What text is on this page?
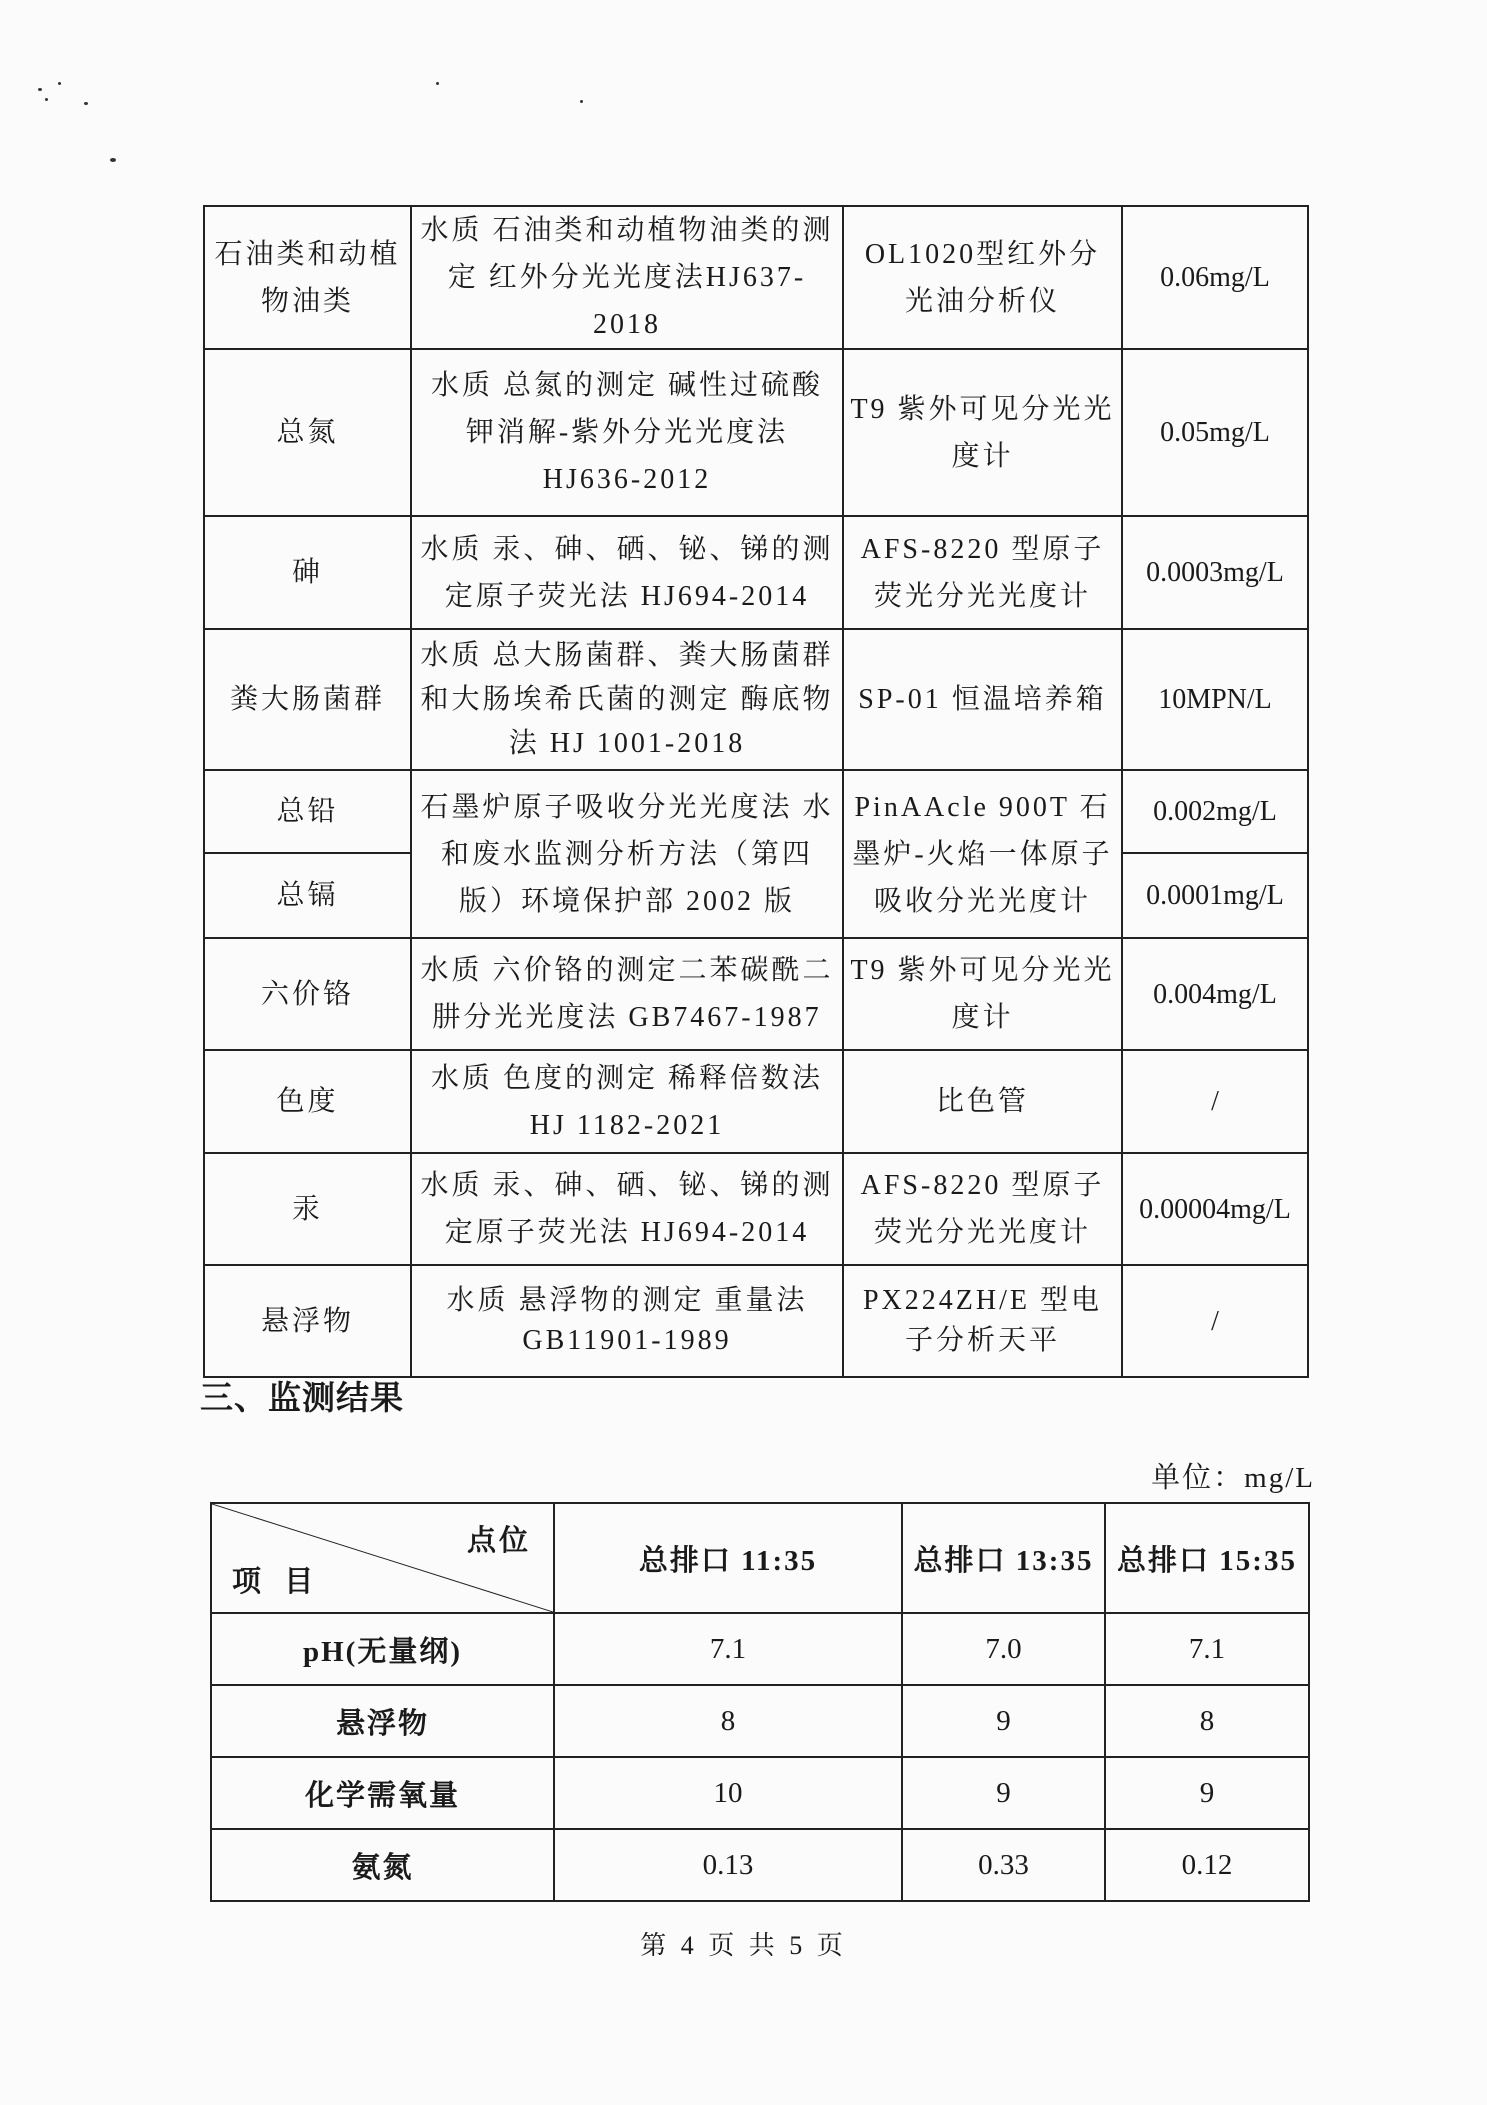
石油类和动植物油类	水质 石油类和动植物油类的测定 红外分光光度法HJ637-2018	OL1020型红外分光油分析仪	0.06mg/L
总氮	水质 总氮的测定 碱性过硫酸钾消解-紫外分光光度法 HJ636-2012	T9 紫外可见分光光度计	0.05mg/L
砷	水质 汞、砷、硒、铋、锑的测定原子荧光法 HJ694-2014	AFS-8220 型原子荧光分光光度计	0.0003mg/L
粪大肠菌群	水质 总大肠菌群、粪大肠菌群和大肠埃希氏菌的测定 酶底物法 HJ 1001-2018	SP-01 恒温培养箱	10MPN/L
总铅	石墨炉原子吸收分光光度法 水和废水监测分析方法（第四版）环境保护部 2002 版	PinAAcle 900T 石墨炉-火焰一体原子吸收分光光度计	0.002mg/L
总镉			0.0001mg/L
六价铬	水质 六价铬的测定二苯碳酰二肼分光光度法 GB7467-1987	T9 紫外可见分光光度计	0.004mg/L
色度	水质 色度的测定 稀释倍数法 HJ 1182-2021	比色管	/
汞	水质 汞、砷、硒、铋、锑的测定原子荧光法 HJ694-2014	AFS-8220 型原子荧光分光光度计	0.00004mg/L
悬浮物	水质 悬浮物的测定 重量法 GB11901-1989	PX224ZH/E 型电子分析天平	/
三、监测结果
单位：mg/L
点位
项 目	总排口 11:35	总排口 13:35	总排口 15:35
pH(无量纲)	7.1	7.0	7.1
悬浮物	8	9	8
化学需氧量	10	9	9
氨氮	0.13	0.33	0.12
第 4 页 共 5 页
